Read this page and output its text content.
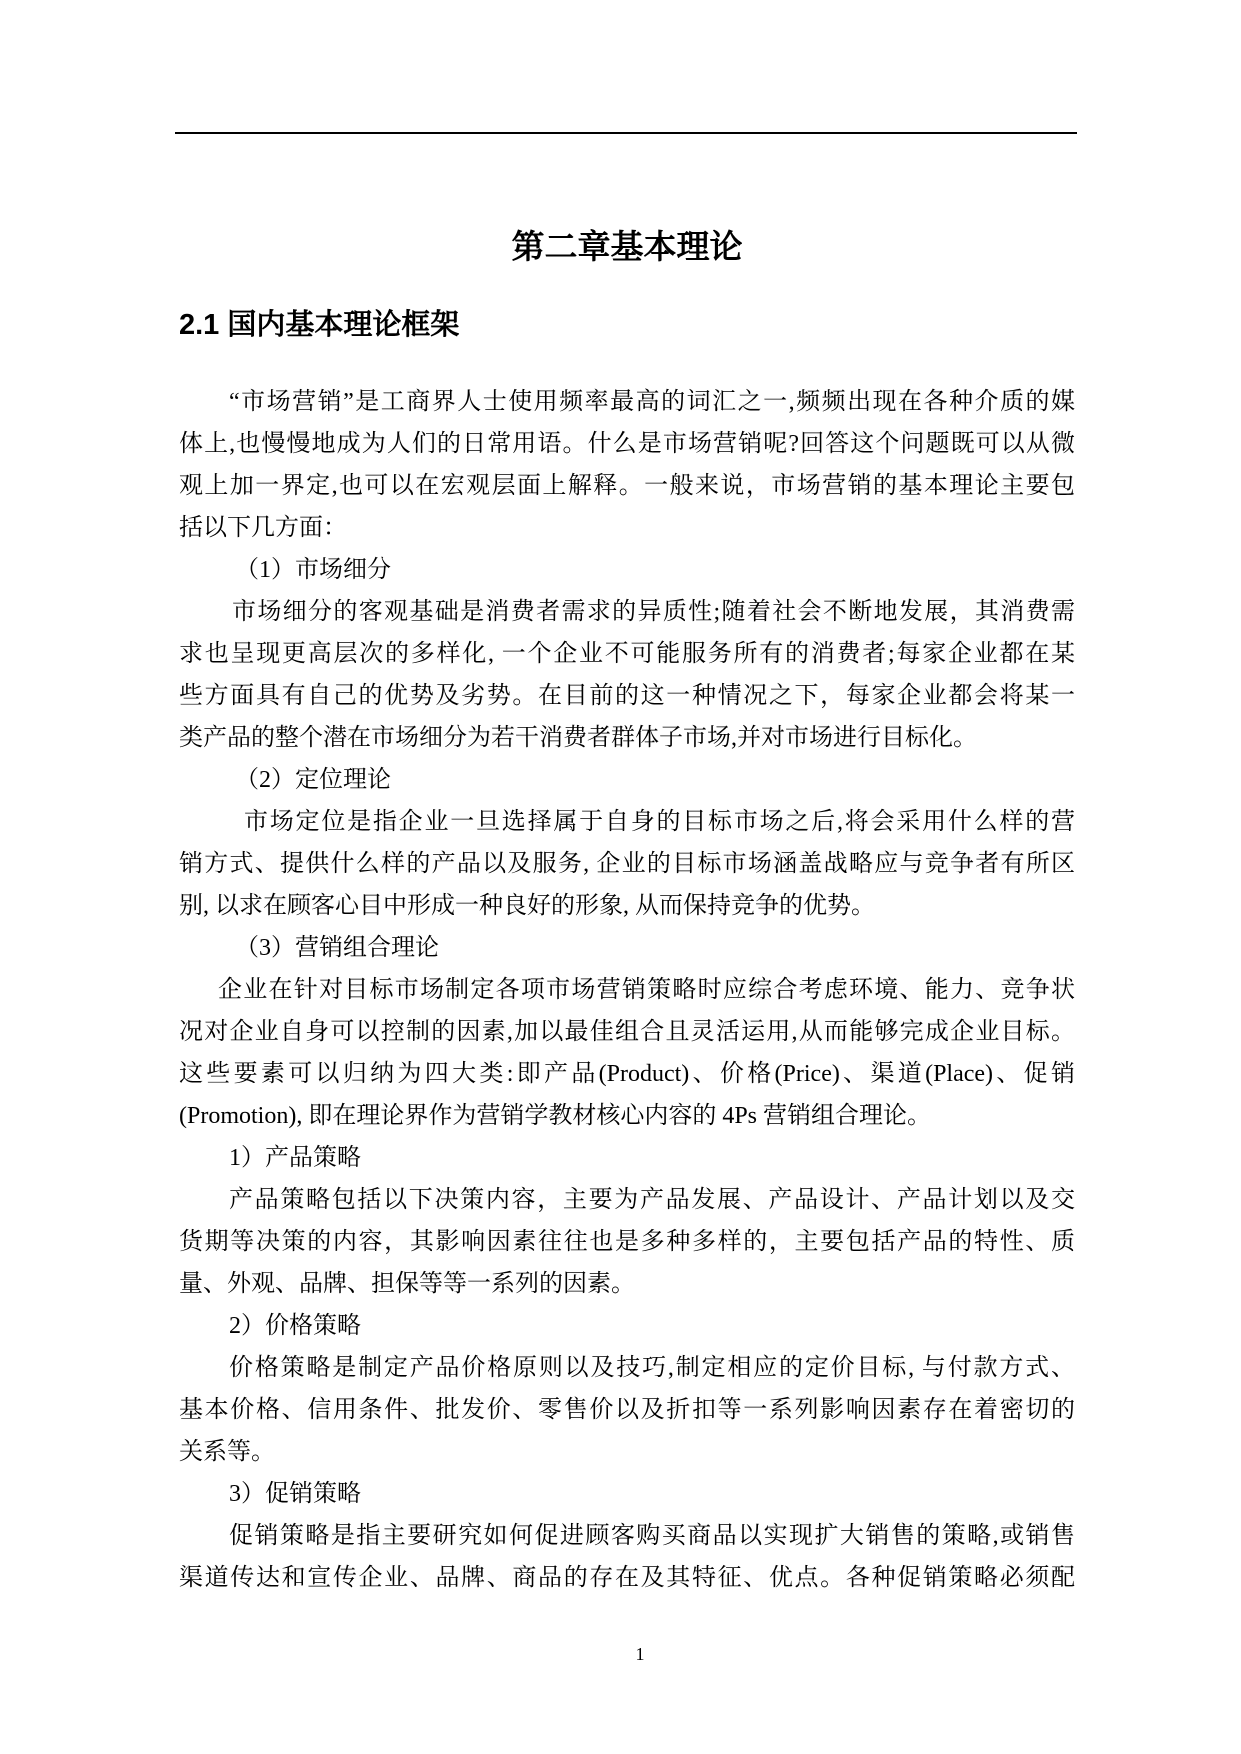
第二章基本理论
2.1 国内基本理论框架
“市场营销”是工商界人士使用频率最高的词汇之一,频频出现在各种介质的媒
体上,也慢慢地成为人们的日常用语。什么是市场营销呢?回答这个问题既可以从微
观上加一界定,也可以在宏观层面上解释。一般来说，市场营销的基本理论主要包
括以下几方面：
（1）市场细分
市场细分的客观基础是消费者需求的异质性;随着社会不断地发展，其消费需
求也呈现更高层次的多样化, 一个企业不可能服务所有的消费者;每家企业都在某
些方面具有自己的优势及劣势。在目前的这一种情况之下，每家企业都会将某一
类产品的整个潜在市场细分为若干消费者群体子市场,并对市场进行目标化。
（2）定位理论
市场定位是指企业一旦选择属于自身的目标市场之后,将会采用什么样的营
销方式、提供什么样的产品以及服务, 企业的目标市场涵盖战略应与竞争者有所区
别, 以求在顾客心目中形成一种良好的形象, 从而保持竞争的优势。
（3）营销组合理论
企业在针对目标市场制定各项市场营销策略时应综合考虑环境、能力、竞争状
况对企业自身可以控制的因素,加以最佳组合且灵活运用,从而能够完成企业目标。
这些要素可以归纳为四大类:即产品(Product)、价格(Price)、渠道(Place)、促销
(Promotion), 即在理论界作为营销学教材核心内容的 4Ps 营销组合理论。
1）产品策略
产品策略包括以下决策内容，主要为产品发展、产品设计、产品计划以及交
货期等决策的内容，其影响因素往往也是多种多样的，主要包括产品的特性、质
量、外观、品牌、担保等等一系列的因素。
2）价格策略
价格策略是制定产品价格原则以及技巧,制定相应的定价目标, 与付款方式、
基本价格、信用条件、批发价、零售价以及折扣等一系列影响因素存在着密切的
关系等。
3）促销策略
促销策略是指主要研究如何促进顾客购买商品以实现扩大销售的策略,或销售
渠道传达和宣传企业、品牌、商品的存在及其特征、优点。各种促销策略必须配
1
